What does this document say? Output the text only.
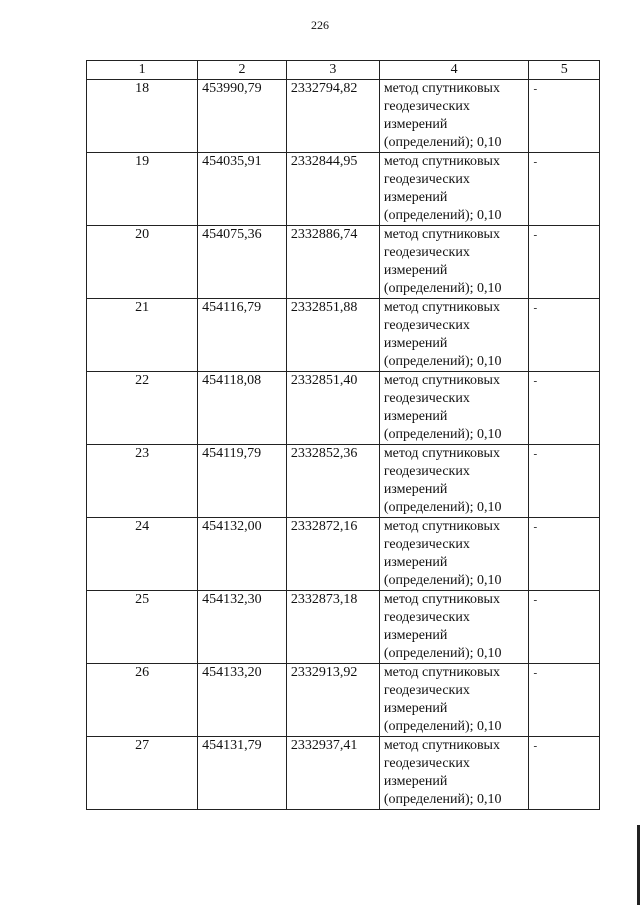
226
1	2	3	4	5
18	453990,79	2332794,82	метод спутниковых
геодезических
измерений
(определений); 0,10	-
19	454035,91	2332844,95	метод спутниковых
геодезических
измерений
(определений); 0,10	-
20	454075,36	2332886,74	метод спутниковых
геодезических
измерений
(определений); 0,10	-
21	454116,79	2332851,88	метод спутниковых
геодезических
измерений
(определений); 0,10	-
22	454118,08	2332851,40	метод спутниковых
геодезических
измерений
(определений); 0,10	-
23	454119,79	2332852,36	метод спутниковых
геодезических
измерений
(определений); 0,10	-
24	454132,00	2332872,16	метод спутниковых
геодезических
измерений
(определений); 0,10	-
25	454132,30	2332873,18	метод спутниковых
геодезических
измерений
(определений); 0,10	-
26	454133,20	2332913,92	метод спутниковых
геодезических
измерений
(определений); 0,10	-
27	454131,79	2332937,41	метод спутниковых
геодезических
измерений
(определений); 0,10	-
